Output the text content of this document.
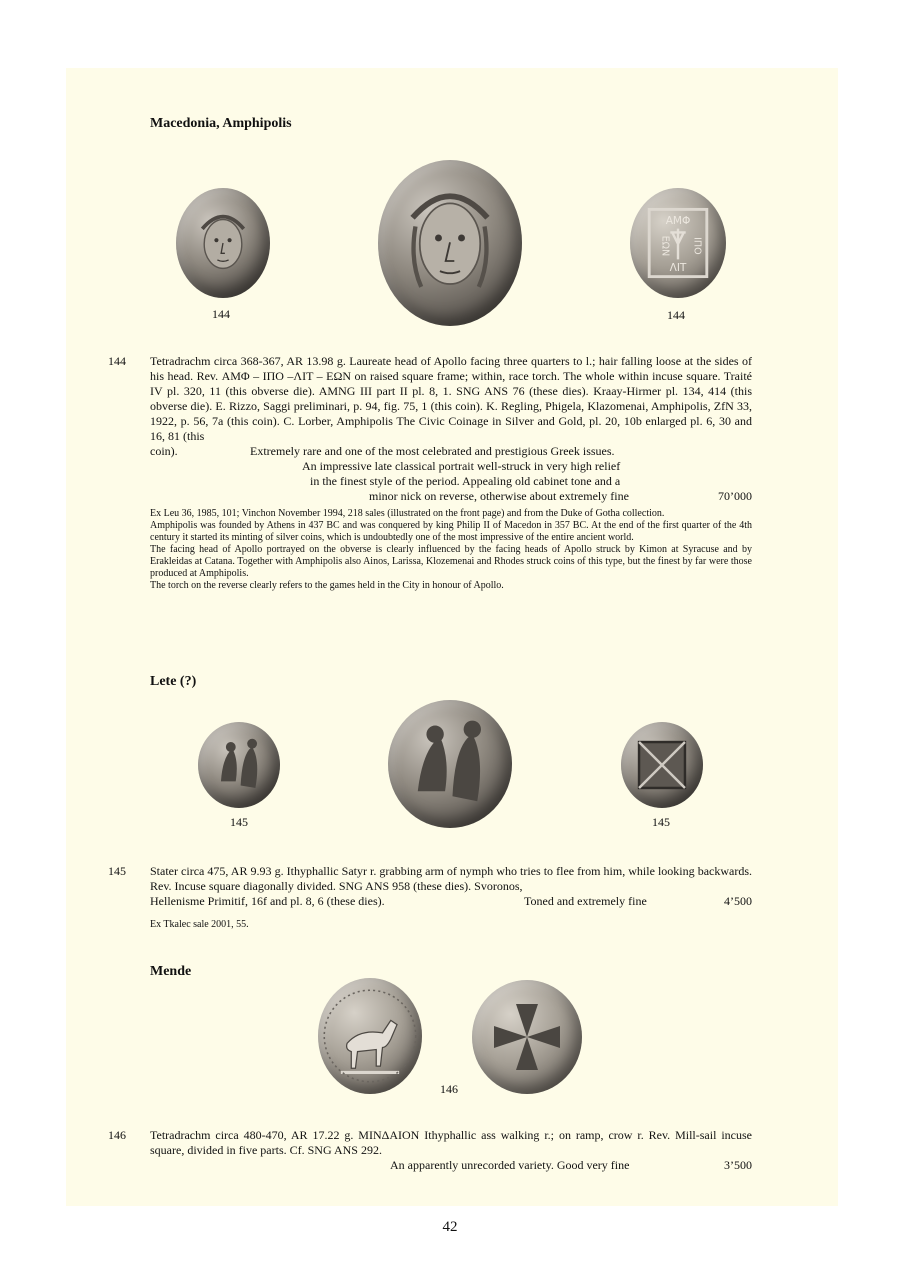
Macedonia, Amphipolis
ΑΜΦ
ΛΙΤ
ΕΩΝ ΙΠΟ
144	144
144 Tetradrachm circa 368-367, AR 13.98 g. Laureate head of Apollo facing three quarters to l.; hair falling loose at the sides of his head. Rev. ΑΜΦ – ΙΠΟ –ΛΙΤ – ΕΩΝ on raised square frame; within, race torch. The whole within incuse square. Traité IV pl. 320, 11 (this obverse die). AMNG III part II pl. 8, 1. SNG ANS 76 (these dies). Kraay-Hirmer pl. 134, 414 (this obverse die). E. Rizzo, Saggi preliminari, p. 94, fig. 75, 1 (this coin). K. Regling, Phigela, Klazomenai, Amphipolis, ZfN 33, 1922, p. 56, 7a (this coin). C. Lorber, Amphipolis The Civic Coinage in Silver and Gold, pl. 20, 10b enlarged pl. 6, 30 and 16, 81 (this
coin).	Extremely rare and one of the most celebrated and prestigious Greek issues.
An impressive late classical portrait well-struck in very high relief
in the finest style of the period. Appealing old cabinet tone and a
minor nick on reverse, otherwise about extremely fine	70’000

Ex Leu 36, 1985, 101; Vinchon November 1994, 218 sales (illustrated on the front page) and from the Duke of Gotha collection.

Amphipolis was founded by Athens in 437 BC and was conquered by king Philip II of Macedon in 357 BC. At the end of the first quarter of the 4th century it started its minting of silver coins, which is undoubtedly one of the most impressive of the entire ancient world.

The facing head of Apollo portrayed on the obverse is clearly influenced by the facing heads of Apollo struck by Kimon at Syracuse and by Erakleidas at Catana. Together with Amphipolis also Ainos, Larissa, Klozemenai and Rhodes struck coins of this type, but the finest by far were those produced at Amphipolis.

The torch on the reverse clearly refers to the games held in the City in honour of Apollo.

Lete (?)
145	145
145 Stater circa 475, AR 9.93 g. Ithyphallic Satyr r. grabbing arm of nymph who tries to flee from him, while looking backwards. Rev. Incuse square diagonally divided. SNG ANS 958 (these dies). Svoronos,
Hellenisme Primitif, 16f and pl. 8, 6 (these dies).	Toned and extremely fine	4’500

Ex Tkalec sale 2001, 55.

Mende
146
146 Tetradrachm circa 480-470, AR 17.22 g. ΜΙΝΔΑΙΟΝ Ithyphallic ass walking r.; on ramp, crow r. Rev. Mill-sail incuse square, divided in five parts. Cf. SNG ANS 292.
An apparently unrecorded variety. Good very fine	3’500
42
